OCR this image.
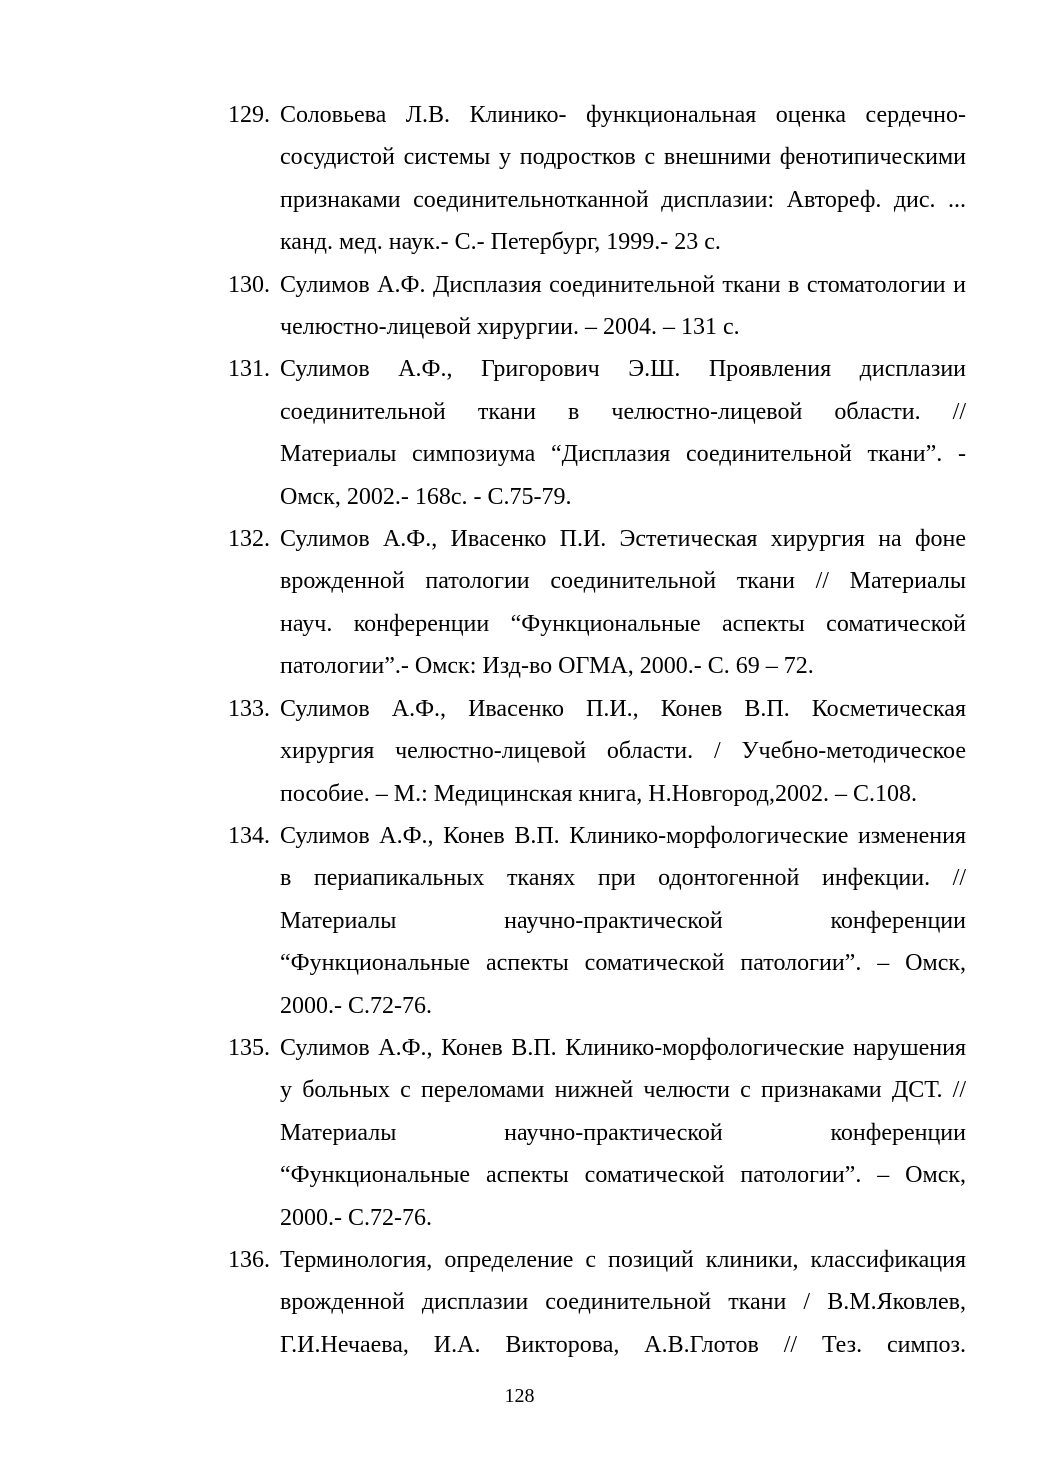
129. Соловьева Л.В. Клинико- функциональная оценка сердечно-
сосудистой системы у подростков с внешними фенотипическими
признаками соединительнотканной дисплазии: Автореф. дис. ...
канд. мед. наук.- С.- Петербург, 1999.- 23 с.
130. Сулимов А.Ф. Дисплазия соединительной ткани в стоматологии и
челюстно-лицевой хирургии. – 2004. – 131 с.
131. Сулимов А.Ф., Григорович Э.Ш. Проявления дисплазии
соединительной ткани в челюстно-лицевой области. //
Материалы симпозиума “Дисплазия соединительной ткани”. -
Омск, 2002.- 168с. - С.75-79.
132. Сулимов А.Ф., Ивасенко П.И. Эстетическая хирургия на фоне
врожденной патологии соединительной ткани // Материалы
науч. конференции “Функциональные аспекты соматической
патологии”.- Омск: Изд-во ОГМА, 2000.- С. 69 – 72.
133. Сулимов А.Ф., Ивасенко П.И., Конев В.П. Косметическая
хирургия челюстно-лицевой области. / Учебно-методическое
пособие. – М.: Медицинская книга, Н.Новгород,2002. – С.108.
134. Сулимов А.Ф., Конев В.П. Клинико-морфологические изменения
в периапикальных тканях при одонтогенной инфекции. //
Материалы научно-практической конференции
“Функциональные аспекты соматической патологии”. – Омск,
2000.- С.72-76.
135. Сулимов А.Ф., Конев В.П. Клинико-морфологические нарушения
у больных с переломами нижней челюсти с признаками ДСТ. //
Материалы научно-практической конференции
“Функциональные аспекты соматической патологии”. – Омск,
2000.- С.72-76.
136. Терминология, определение с позиций клиники, классификация
врожденной дисплазии соединительной ткани / В.М.Яковлев,
Г.И.Нечаева, И.А. Викторова, А.В.Глотов // Тез. симпоз.
128
